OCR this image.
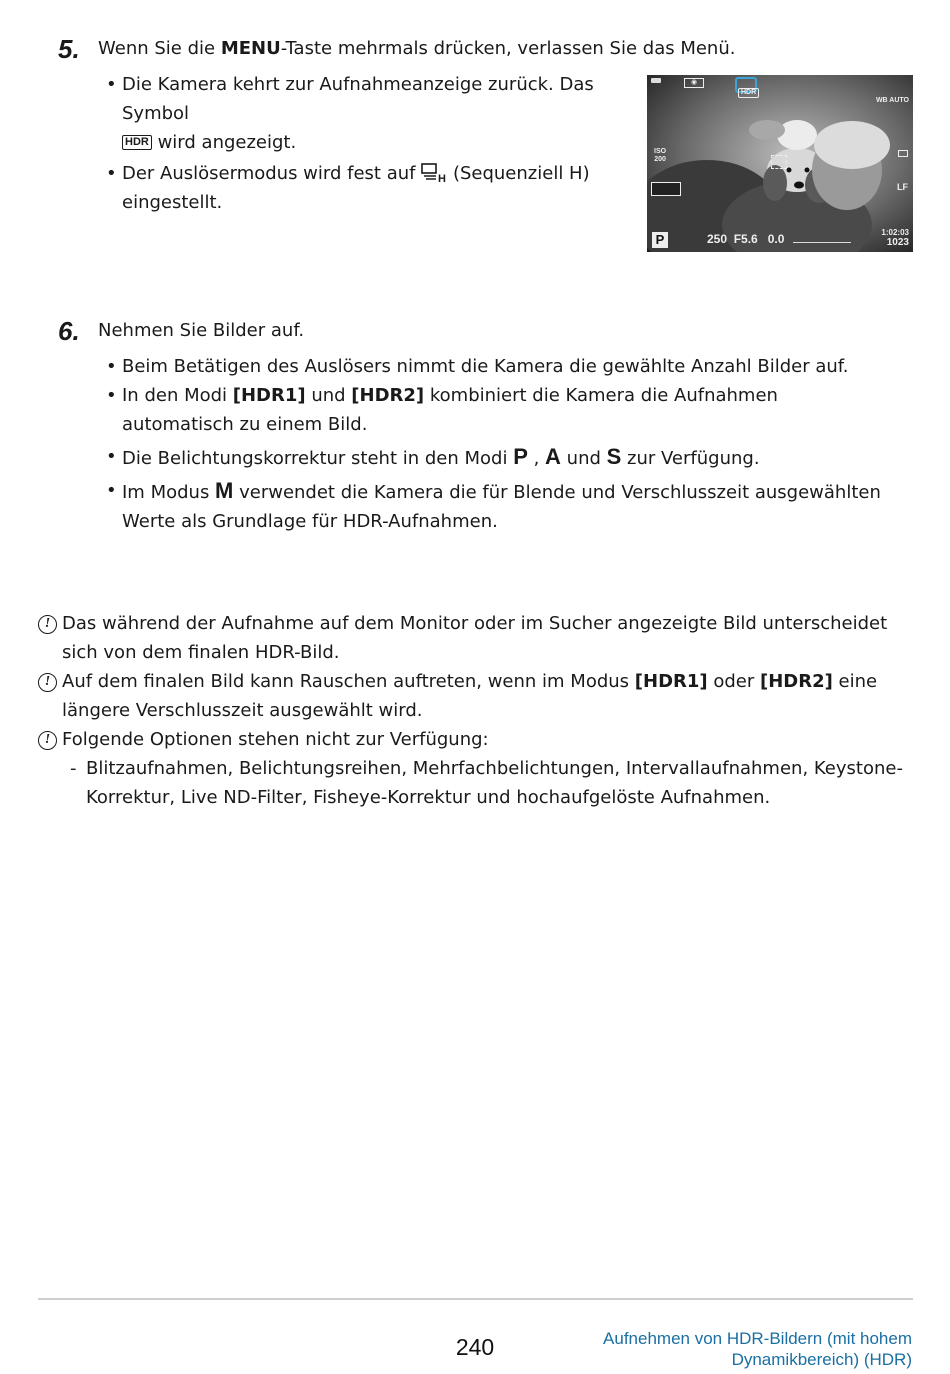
5.	Wenn Sie die MENU-Taste mehrmals drücken, verlassen Sie das Menü.
• Die Kamera kehrt zur Aufnahmeanzeige zurück. Das Symbol
HDR wird angezeigt.
• Der Auslösermodus wird fest auf H (Sequenziell H)
eingestellt.
◉
HDR
WB AUTO
ISO
200
LF
P	250 F5.6 0.0	1:02:03
1023
6.	Nehmen Sie Bilder auf.
• Beim Betätigen des Auslösers nimmt die Kamera die gewählte Anzahl Bilder auf.
• In den Modi [HDR1] und [HDR2] kombiniert die Kamera die Aufnahmen automatisch zu einem Bild.
• Die Belichtungskorrektur steht in den Modi P , A und S zur Verfügung.
• Im Modus M verwendet die Kamera die für Blende und Verschlusszeit ausgewählten Werte als Grundlage für HDR-Aufnahmen.
! Das während der Aufnahme auf dem Monitor oder im Sucher angezeigte Bild unterscheidet sich von dem finalen HDR-Bild.
! Auf dem finalen Bild kann Rauschen auftreten, wenn im Modus [HDR1] oder [HDR2] eine längere Verschlusszeit ausgewählt wird.
! Folgende Optionen stehen nicht zur Verfügung:
- Blitzaufnahmen, Belichtungsreihen, Mehrfachbelichtungen, Intervallaufnahmen, Keystone-Korrektur, Live ND-Filter, Fisheye-Korrektur und hochaufgelöste Aufnahmen.
240	Aufnehmen von HDR-Bildern (mit hohem
Dynamikbereich) (HDR)
